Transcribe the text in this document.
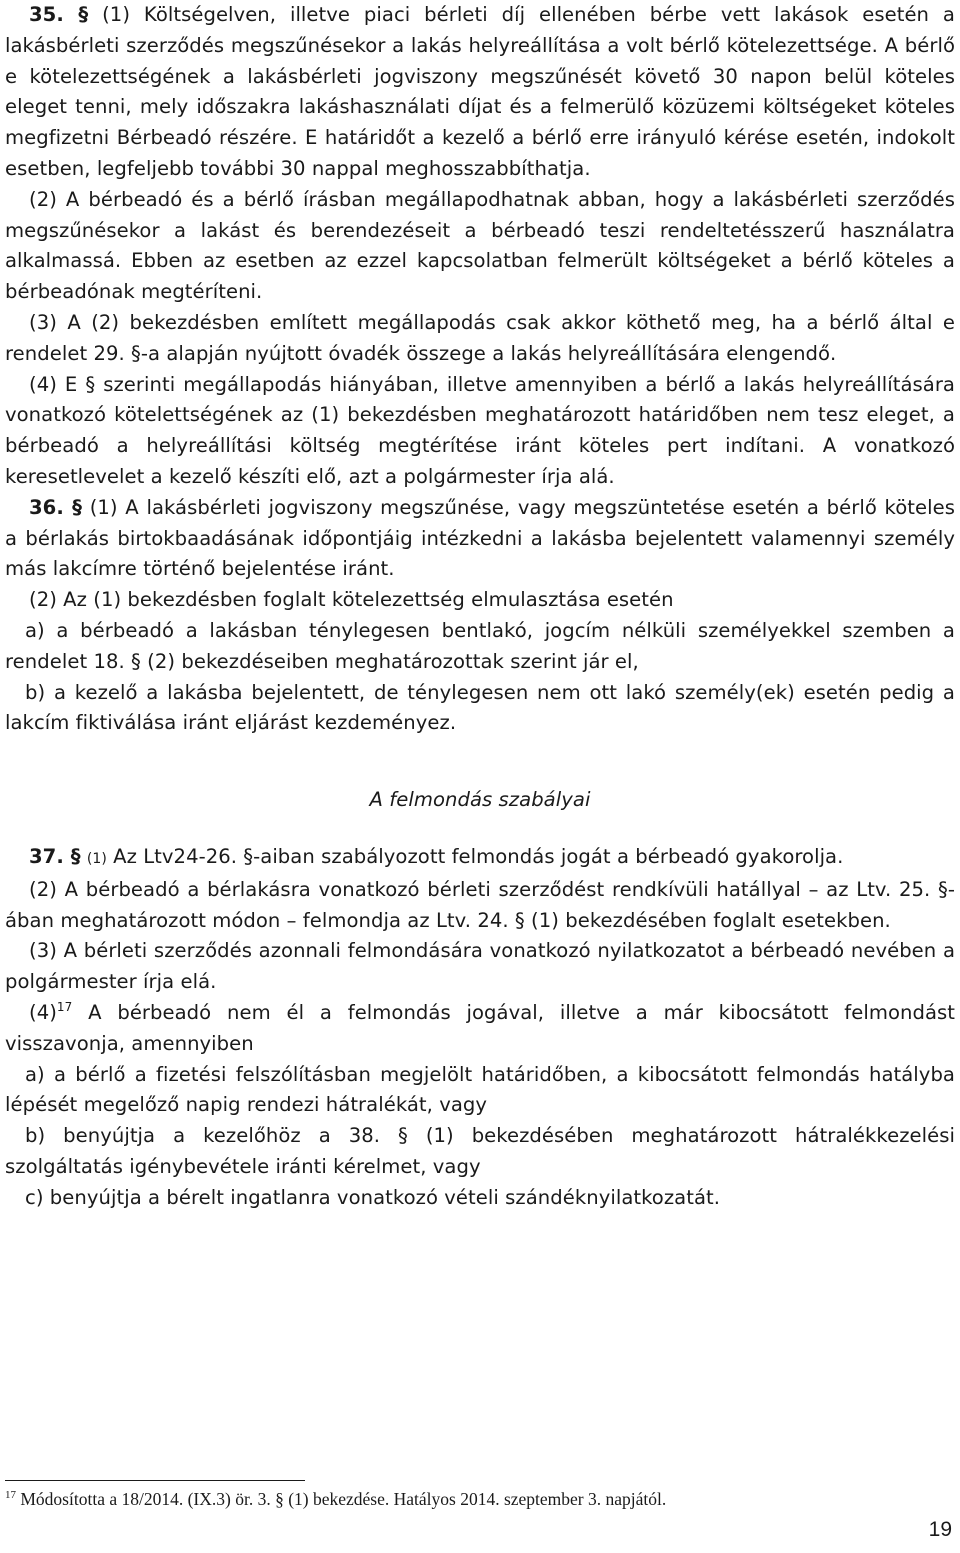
35. § (1) Költségelven, illetve piaci bérleti díj ellenében bérbe vett lakások esetén a lakásbérleti szerződés megszűnésekor a lakás helyreállítása a volt bérlő kötelezettsége. A bérlő e kötelezettségének a lakásbérleti jogviszony megszűnését követő 30 napon belül köteles eleget tenni, mely időszakra lakáshasználati díjat és a felmerülő közüzemi költségeket köteles megfizetni Bérbeadó részére. E határidőt a kezelő a bérlő erre irányuló kérése esetén, indokolt esetben, legfeljebb további 30 nappal meghosszabbíthatja.

(2) A bérbeadó és a bérlő írásban megállapodhatnak abban, hogy a lakásbérleti szerződés megszűnésekor a lakást és berendezéseit a bérbeadó teszi rendeltetésszerű használatra alkalmassá. Ebben az esetben az ezzel kapcsolatban felmerült költségeket a bérlő köteles a bérbeadónak megtéríteni.

(3) A (2) bekezdésben említett megállapodás csak akkor köthető meg, ha a bérlő által e rendelet 29. §-a alapján nyújtott óvadék összege a lakás helyreállítására elengendő.

(4) E § szerinti megállapodás hiányában, illetve amennyiben a bérlő a lakás helyreállítására vonatkozó kötelettségének az (1) bekezdésben meghatározott határidőben nem tesz eleget, a bérbeadó a helyreállítási költség megtérítése iránt köteles pert indítani. A vonatkozó keresetlevelet a kezelő készíti elő, azt a polgármester írja alá.

36. § (1) A lakásbérleti jogviszony megszűnése, vagy megszüntetése esetén a bérlő köteles a bérlakás birtokbaadásának időpontjáig intézkedni a lakásba bejelentett valamennyi személy más lakcímre történő bejelentése iránt.

(2) Az (1) bekezdésben foglalt kötelezettség elmulasztása esetén

a) a bérbeadó a lakásban ténylegesen bentlakó, jogcím nélküli személyekkel szemben a rendelet 18. § (2) bekezdéseiben meghatározottak szerint jár el,

b) a kezelő a lakásba bejelentett, de ténylegesen nem ott lakó személy(ek) esetén pedig a lakcím fiktiválása iránt eljárást kezdeményez.

A felmondás szabályai

37. § (1) Az Ltv24-26. §-aiban szabályozott felmondás jogát a bérbeadó gyakorolja.

(2) A bérbeadó a bérlakásra vonatkozó bérleti szerződést rendkívüli hatállyal – az Ltv. 25. §-ában meghatározott módon – felmondja az Ltv. 24. § (1) bekezdésében foglalt esetekben.

(3) A bérleti szerződés azonnali felmondására vonatkozó nyilatkozatot a bérbeadó nevében a polgármester írja elá.

(4)$^{17}$ A bérbeadó nem él a felmondás jogával, illetve a már kibocsátott felmondást visszavonja, amennyiben

a) a bérlő a fizetési felszólításban megjelölt határidőben, a kibocsátott felmondás hatályba lépését megelőző napig rendezi hátralékát, vagy

b) benyújtja a kezelőhöz a 38. § (1) bekezdésében meghatározott hátralékkezelési szolgáltatás igénybevétele iránti kérelmet, vagy

c) benyújtja a bérelt ingatlanra vonatkozó vételi szándéknyilatkozatát.

$^{17}$ Módosította a 18/2014. (IX.3) ör. 3. § (1) bekezdése. Hatályos 2014. szeptember 3. napjától.
19
